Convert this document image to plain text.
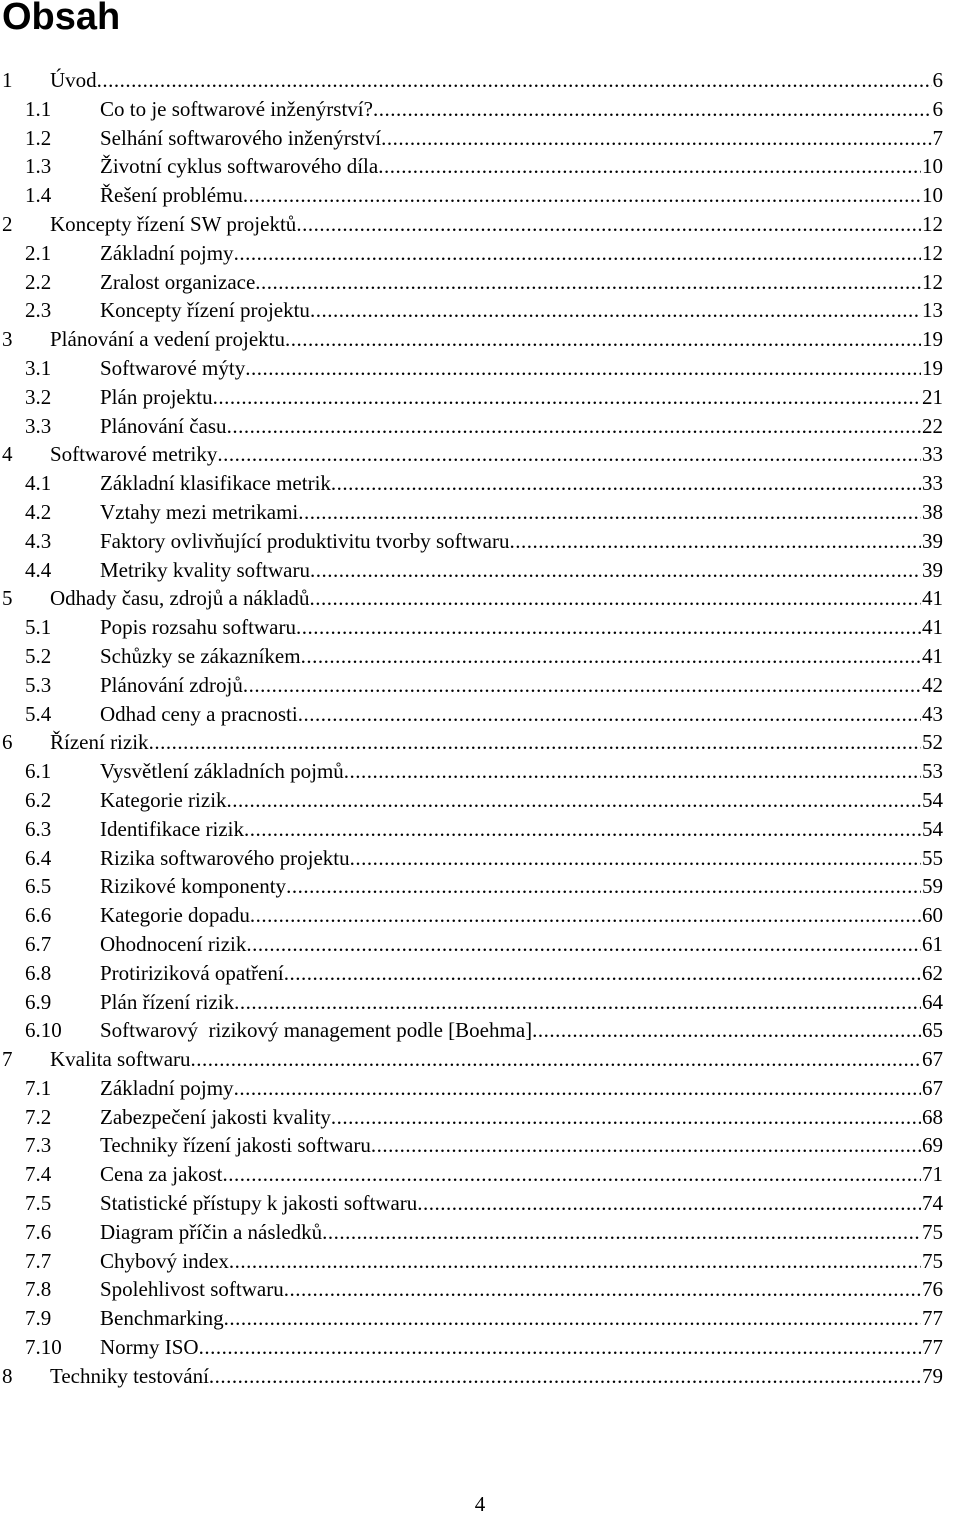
Obsah
1 Úvod .....	6
1.1 Co to je softwarové inženýrství? .....	6
1.2 Selhání softwarového inženýrství .....	7
1.3 Životní cyklus softwarového díla .....	10
1.4 Řešení problému .....	10
2 Koncepty řízení SW projektů .....	12
2.1 Základní pojmy .....	12
2.2 Zralost organizace .....	12
2.3 Koncepty řízení projektu .....	13
3 Plánování a vedení projektu .....	19
3.1 Softwarové mýty .....	19
3.2 Plán projektu .....	21
3.3 Plánování času .....	22
4 Softwarové metriky .....	33
4.1 Základní klasifikace metrik .....	33
4.2 Vztahy mezi metrikami .....	38
4.3 Faktory ovlivňující produktivitu tvorby softwaru .....	39
4.4 Metriky kvality softwaru .....	39
5 Odhady času, zdrojů a nákladů .....	41
5.1 Popis rozsahu softwaru .....	41
5.2 Schůzky se zákazníkem .....	41
5.3 Plánování zdrojů .....	42
5.4 Odhad ceny a pracnosti .....	43
6 Řízení rizik .....	52
6.1 Vysvětlení základních pojmů .....	53
6.2 Kategorie rizik .....	54
6.3 Identifikace rizik .....	54
6.4 Rizika softwarového projektu .....	55
6.5 Rizikové komponenty .....	59
6.6 Kategorie dopadu .....	60
6.7 Ohodnocení rizik .....	61
6.8 Protiriziková opatření .....	62
6.9 Plán řízení rizik .....	64
6.10 Softwarový  rizikový management podle [Boehma] .....	65
7 Kvalita softwaru .....	67
7.1 Základní pojmy .....	67
7.2 Zabezpečení jakosti kvality .....	68
7.3 Techniky řízení jakosti softwaru .....	69
7.4 Cena za jakost .....	71
7.5 Statistické přístupy k jakosti softwaru .....	74
7.6 Diagram příčin a následků .....	75
7.7 Chybový index .....	75
7.8 Spolehlivost softwaru .....	76
7.9 Benchmarking .....	77
7.10 Normy ISO .....	77
8 Techniky testování .....	79
4
